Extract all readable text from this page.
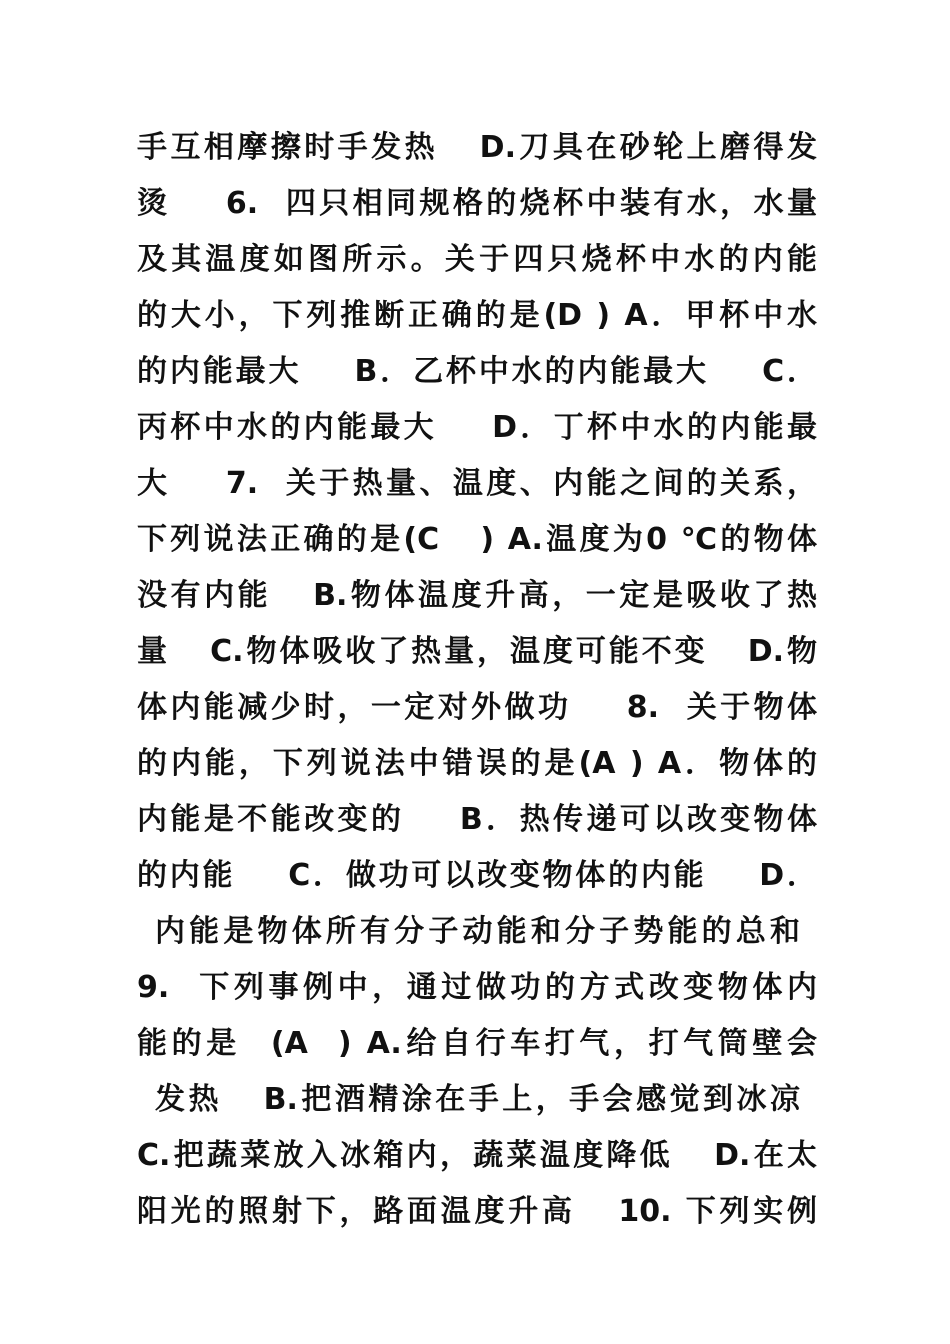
手互相摩擦时手发热   D.刀具在砂轮上磨得发
烫    6.  四只相同规格的烧杯中装有水，水量
及其温度如图所示。关于四只烧杯中水的内能
的大小，下列推断正确的是(D ) A．甲杯中水
的内能最大    B．乙杯中水的内能最大    C．
丙杯中水的内能最大    D．丁杯中水的内能最
大    7.  关于热量、温度、内能之间的关系，
下列说法正确的是(C   ) A.温度为0 ℃的物体
没有内能   B.物体温度升高，一定是吸收了热
量   C.物体吸收了热量，温度可能不变   D.物
体内能减少时，一定对外做功    8.  关于物体
的内能，下列说法中错误的是(A ) A．物体的
内能是不能改变的    B．热传递可以改变物体
的内能    C．做功可以改变物体的内能    D．
内能是物体所有分子动能和分子势能的总和
9.  下列事例中，通过做功的方式改变物体内
能的是  (A  ) A.给自行车打气，打气筒壁会
发热   B.把酒精涂在手上，手会感觉到冰凉
C.把蔬菜放入冰箱内，蔬菜温度降低   D.在太
阳光的照射下，路面温度升高   10. 下列实例
